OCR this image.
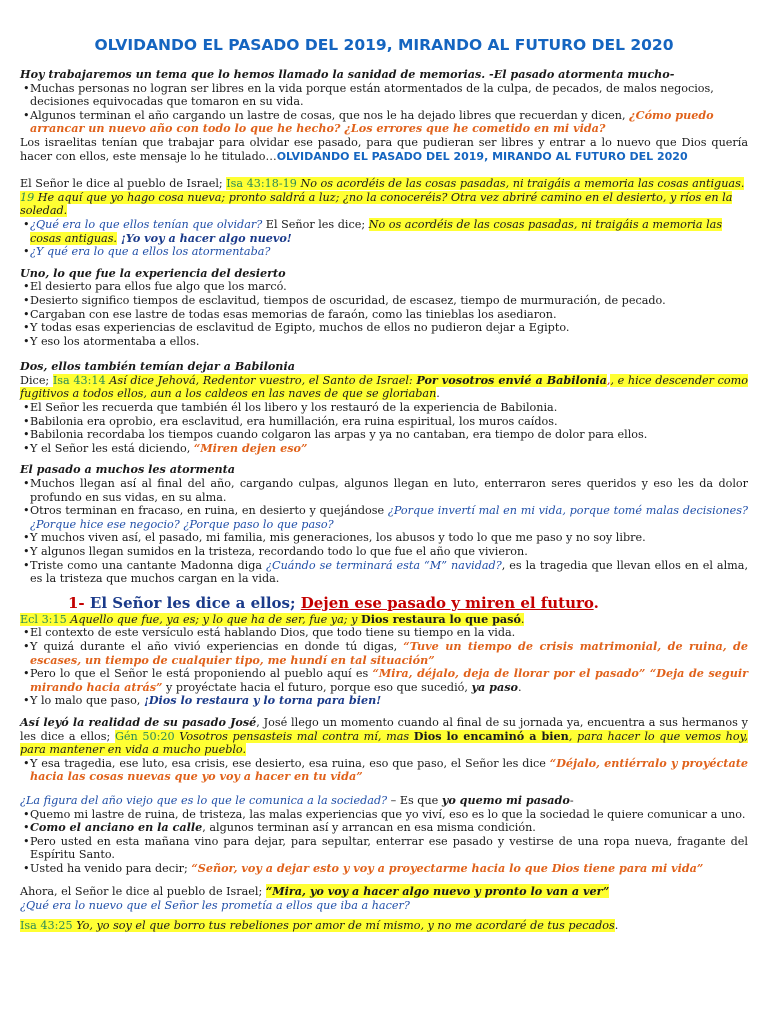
OLVIDANDO EL PASADO DEL 2019, MIRANDO AL FUTURO DEL 2020
Hoy trabajaremos un tema que lo hemos llamado la sanidad de memorias. -El pasado atormenta mucho-
• Muchas personas no logran ser libres en la vida porque están atormentados de la culpa, de pecados, de malos negocios, decisiones equivocadas que tomaron en su vida.
• Algunos terminan el año cargando un lastre de cosas, que nos le ha dejado libres que recuerdan y dicen, ¿Cómo puedo arrancar un nuevo año con todo lo que he hecho? ¿Los errores que he cometido en mi vida?
Los israelitas tenían que trabajar para olvidar ese pasado, para que pudieran ser libres y entrar a lo nuevo que Dios quería hacer con ellos, este mensaje lo he titulado…OLVIDANDO EL PASADO DEL 2019, MIRANDO AL FUTURO DEL 2020
El Señor le dice al pueblo de Israel; Isa 43:18-19 No os acordéis de las cosas pasadas, ni traigáis a memoria las cosas antiguas. 19 He aquí que yo hago cosa nueva; pronto saldrá a luz; ¿no la conoceréis? Otra vez abriré camino en el desierto, y ríos en la soledad.
• ¿Qué era lo que ellos tenían que olvidar? El Señor les dice; No os acordéis de las cosas pasadas, ni traigáis a memoria las cosas antiguas. ¡Yo voy a hacer algo nuevo!
• ¿Y qué era lo que a ellos los atormentaba?
Uno, lo que fue la experiencia del desierto
• El desierto para ellos fue algo que los marcó.
• Desierto significo tiempos de esclavitud, tiempos de oscuridad, de escasez, tiempo de murmuración, de pecado.
• Cargaban con ese lastre de todas esas memorias de faraón, como las tinieblas los asediaron.
• Y todas esas experiencias de esclavitud de Egipto, muchos de ellos no pudieron dejar a Egipto.
• Y eso los atormentaba a ellos.
Dos, ellos también temían dejar a Babilonia
Dice; Isa 43:14 Así dice Jehová, Redentor vuestro, el Santo de Israel: Por vosotros envié a Babilonia,, e hice descender como fugitivos a todos ellos, aun a los caldeos en las naves de que se gloriaban.
• El Señor les recuerda que también él los libero y los restauró de la experiencia de Babilonia.
• Babilonia era oprobio, era esclavitud, era humillación, era ruina espiritual, los muros caídos.
• Babilonia recordaba los tiempos cuando colgaron las arpas y ya no cantaban, era tiempo de dolor para ellos.
• Y el Señor les está diciendo, “Miren dejen eso”
El pasado a muchos les atormenta
• Muchos llegan así al final del año, cargando culpas, algunos llegan en luto, enterraron seres queridos y eso les da dolor profundo en sus vidas, en su alma.
• Otros terminan en fracaso, en ruina, en desierto y quejándose ¿Porque invertí mal en mi vida, porque tomé malas decisiones? ¿Porque hice ese negocio? ¿Porque paso lo que paso?
• Y muchos viven así, el pasado, mi familia, mis generaciones, los abusos y todo lo que me paso y no soy libre.
• Y algunos llegan sumidos en la tristeza, recordando todo lo que fue el año que vivieron.
• Triste como una cantante Madonna diga ¿Cuándo se terminará esta “M” navidad?, es la tragedia que llevan ellos en el alma, es la tristeza que muchos cargan en la vida.
1- El Señor les dice a ellos; Dejen ese pasado y miren el futuro.
Ecl 3:15 Aquello que fue, ya es; y lo que ha de ser, fue ya; y Dios restaura lo que pasó.
• El contexto de este versículo está hablando Dios, que todo tiene su tiempo en la vida.
• Y quizá durante el año vivió experiencias en donde tú digas, “Tuve un tiempo de crisis matrimonial, de ruina, de escases, un tiempo de cualquier tipo, me hundí en tal situación”
• Pero lo que el Señor le está proponiendo al pueblo aquí es “Mira, déjalo, deja de llorar por el pasado” “Deja de seguir mirando hacia atrás” y proyéctate hacia el futuro, porque eso que sucedió, ya paso.
• Y lo malo que paso, ¡Dios lo restaura y lo torna para bien!
Así leyó la realidad de su pasado José, José llego un momento cuando al final de su jornada ya, encuentra a sus hermanos y les dice a ellos; Gén 50:20 Vosotros pensasteis mal contra mí, mas Dios lo encaminó a bien, para hacer lo que vemos hoy, para mantener en vida a mucho pueblo.
• Y esa tragedia, ese luto, esa crisis, ese desierto, esa ruina, eso que paso, el Señor les dice “Déjalo, entiérralo y proyéctate hacia las cosas nuevas que yo voy a hacer en tu vida”
¿La figura del año viejo que es lo que le comunica a la sociedad? – Es que yo quemo mi pasado-
• Quemo mi lastre de ruina, de tristeza, las malas experiencias que yo viví, eso es lo que la sociedad le quiere comunicar a uno.
• Como el anciano en la calle, algunos terminan así y arrancan en esa misma condición.
• Pero usted en esta mañana vino para dejar, para sepultar, enterrar ese pasado y vestirse de una ropa nueva, fragante del Espíritu Santo.
• Usted ha venido para decir; “Señor, voy a dejar esto y voy a proyectarme hacia lo que Dios tiene para mi vida”
Ahora, el Señor le dice al pueblo de Israel; “Mira, yo voy a hacer algo nuevo y pronto lo van a ver”
¿Qué era lo nuevo que el Señor les prometía a ellos que iba a hacer?
Isa 43:25 Yo, yo soy el que borro tus rebeliones por amor de mí mismo, y no me acordaré de tus pecados.
